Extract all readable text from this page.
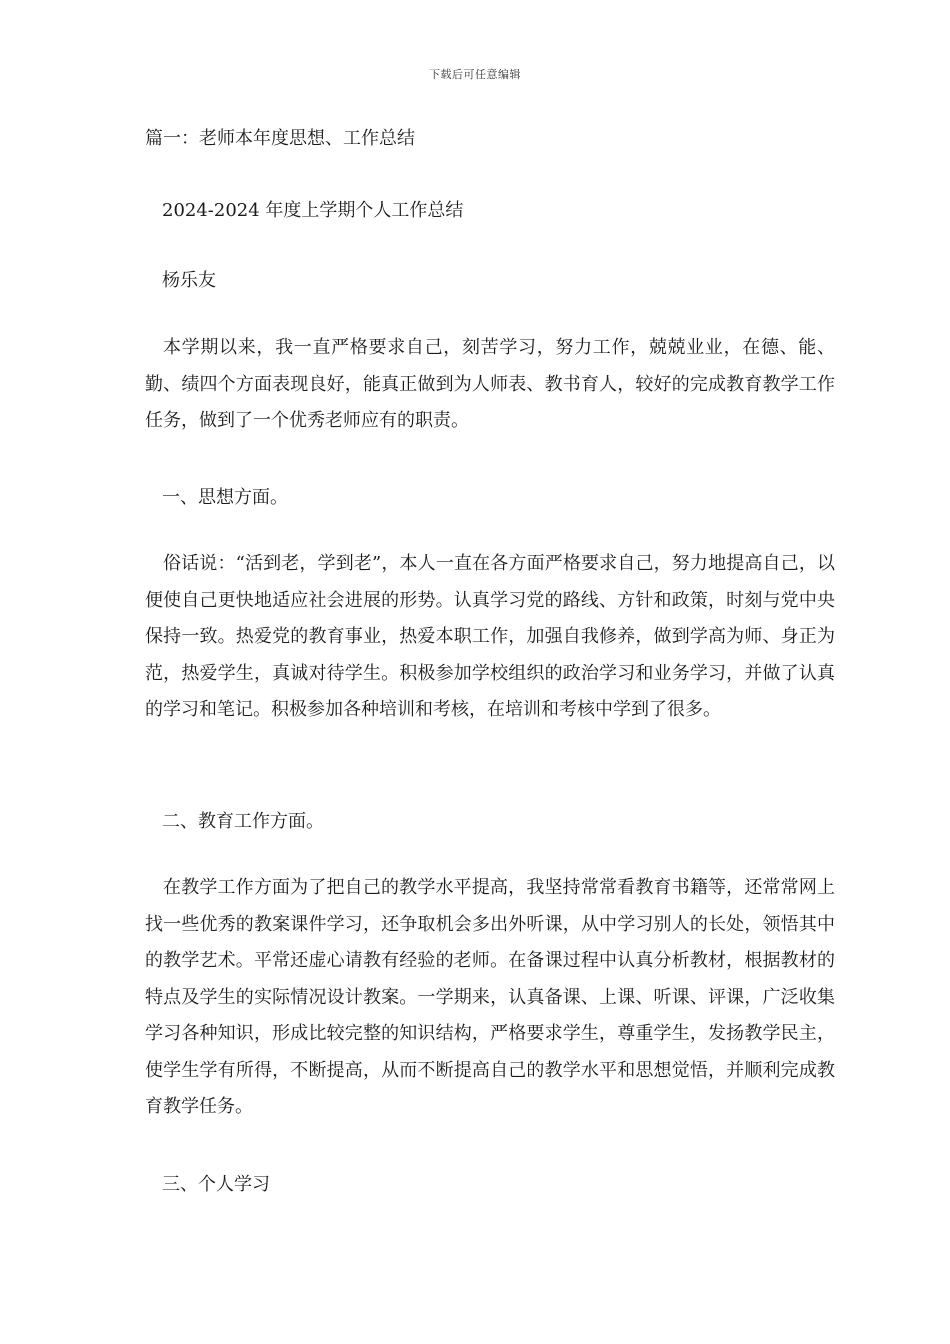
下载后可任意编辑
篇一：老师本年度思想、工作总结
2024-2024 年度上学期个人工作总结
杨乐友
本学期以来，我一直严格要求自己，刻苦学习，努力工作，兢兢业业，在德、能、勤、绩四个方面表现良好，能真正做到为人师表、教书育人，较好的完成教育教学工作任务，做到了一个优秀老师应有的职责。
一、思想方面。
俗话说：“活到老，学到老”，本人一直在各方面严格要求自己，努力地提高自己，以便使自己更快地适应社会进展的形势。认真学习党的路线、方针和政策，时刻与党中央保持一致。热爱党的教育事业，热爱本职工作，加强自我修养，做到学高为师、身正为范，热爱学生，真诚对待学生。积极参加学校组织的政治学习和业务学习，并做了认真的学习和笔记。积极参加各种培训和考核，在培训和考核中学到了很多。
二、教育工作方面。
在教学工作方面为了把自己的教学水平提高，我坚持常常看教育书籍等，还常常网上找一些优秀的教案课件学习，还争取机会多出外听课，从中学习别人的长处，领悟其中的教学艺术。平常还虚心请教有经验的老师。在备课过程中认真分析教材，根据教材的特点及学生的实际情况设计教案。一学期来，认真备课、上课、听课、评课，广泛收集学习各种知识，形成比较完整的知识结构，严格要求学生，尊重学生，发扬教学民主，使学生学有所得，不断提高，从而不断提高自己的教学水平和思想觉悟，并顺利完成教育教学任务。
三、个人学习
